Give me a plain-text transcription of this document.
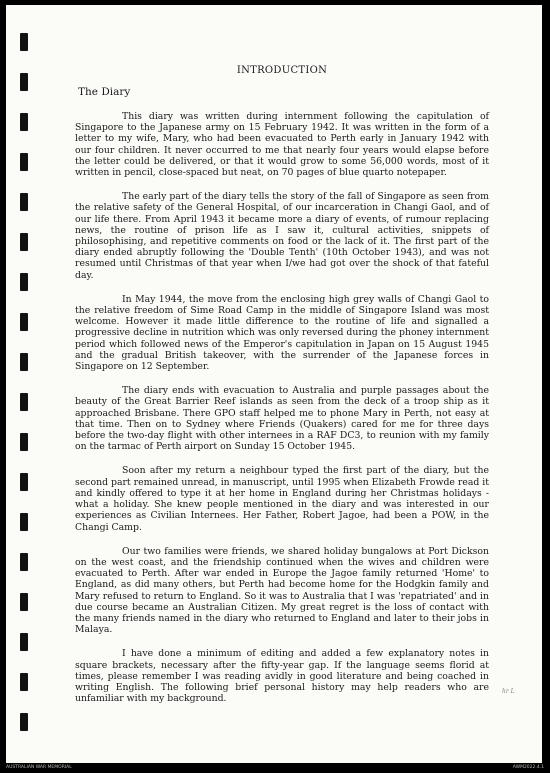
INTRODUCTION
The Diary

This diary was written during internment following the capitulation of Singapore to the Japanese army on 15 February 1942. It was written in the form of a letter to my wife, Mary, who had been evacuated to Perth early in January 1942 with our four children. It never occurred to me that nearly four years would elapse before the letter could be delivered, or that it would grow to some 56,000 words, most of it written in pencil, close-spaced but neat, on 70 pages of blue quarto notepaper.

The early part of the diary tells the story of the fall of Singapore as seen from the relative safety of the General Hospital, of our incarceration in Changi Gaol, and of our life there. From April 1943 it became more a diary of events, of rumour replacing news, the routine of prison life as I saw it, cultural activities, snippets of philosophising, and repetitive comments on food or the lack of it. The first part of the diary ended abruptly following the 'Double Tenth' (10th October 1943), and was not resumed until Christmas of that year when I/we had got over the shock of that fateful day.

In May 1944, the move from the enclosing high grey walls of Changi Gaol to the relative freedom of Sime Road Camp in the middle of Singapore Island was most welcome. However it made little difference to the routine of life and signalled a progressive decline in nutrition which was only reversed during the phoney internment period which followed news of the Emperor's capitulation in Japan on 15 August 1945 and the gradual British takeover, with the surrender of the Japanese forces in Singapore on 12 September.

The diary ends with evacuation to Australia and purple passages about the beauty of the Great Barrier Reef islands as seen from the deck of a troop ship as it approached Brisbane. There GPO staff helped me to phone Mary in Perth, not easy at that time. Then on to Sydney where Friends (Quakers) cared for me for three days before the two-day flight with other internees in a RAF DC3, to reunion with my family on the tarmac of Perth airport on Sunday 15 October 1945.

Soon after my return a neighbour typed the first part of the diary, but the second part remained unread, in manuscript, until 1995 when Elizabeth Frowde read it and kindly offered to type it at her home in England during her Christmas holidays - what a holiday. She knew people mentioned in the diary and was interested in our experiences as Civilian Internees. Her Father, Robert Jagoe, had been a POW, in the Changi Camp.

Our two families were friends, we shared holiday bungalows at Port Dickson on the west coast, and the friendship continued when the wives and children were evacuated to Perth. After war ended in Europe the Jagoe family returned 'Home' to England, as did many others, but Perth had become home for the Hodgkin family and Mary refused to return to England. So it was to Australia that I was 'repatriated' and in due course became an Australian Citizen. My great regret is the loss of contact with the many friends named in the diary who returned to England and later to their jobs in Malaya.

I have done a minimum of editing and added a few explanatory notes in square brackets, necessary after the fifty-year gap. If the language seems florid at times, please remember I was reading avidly in good literature and being coached in writing English. The following brief personal history may help readers who are unfamiliar with my background.

hr L
AUSTRALIAN WAR MEMORIAL	AWM2022.4.1
